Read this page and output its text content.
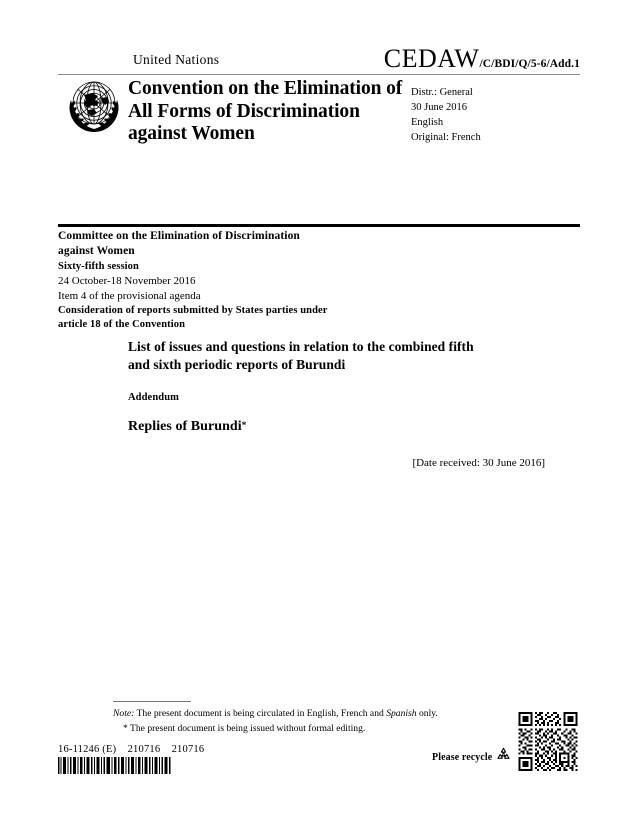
United Nations	CEDAW/C/BDI/Q/5-6/Add.1
Convention on the Elimination of All Forms of Discrimination against Women
Distr.: General
30 June 2016
English
Original: French
Committee on the Elimination of Discrimination
against Women
Sixty-fifth session
24 October-18 November 2016
Item 4 of the provisional agenda
Consideration of reports submitted by States parties under
article 18 of the Convention
List of issues and questions in relation to the combined fifth
and sixth periodic reports of Burundi
Addendum
Replies of Burundi*
[Date received: 30 June 2016]
Note: The present document is being circulated in English, French and Spanish only.
* The present document is being issued without formal editing.
16-11246 (E)    210716    210716
Please recycle
